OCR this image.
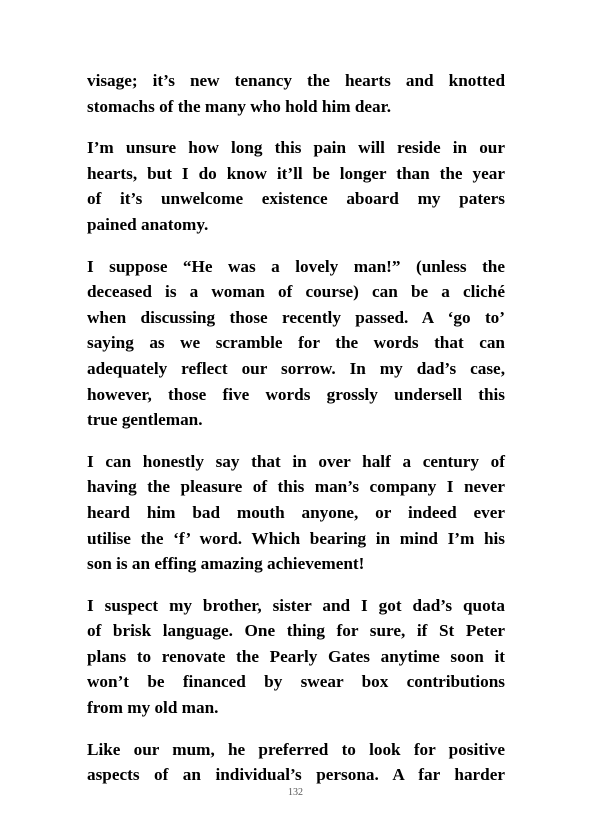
visage; it’s new tenancy the hearts and knotted
stomachs of the many who hold him dear.
I’m unsure how long this pain will reside in our
hearts, but I do know it’ll be longer than the year
of it’s unwelcome existence aboard my paters
pained anatomy.
I suppose “He was a lovely man!” (unless the
deceased is a woman of course) can be a cliché
when discussing those recently passed. A ‘go to’
saying as we scramble for the words that can
adequately reflect our sorrow. In my dad’s case,
however, those five words grossly undersell this
true gentleman.
I can honestly say that in over half a century of
having the pleasure of this man’s company I never
heard him bad mouth anyone, or indeed ever
utilise the ‘f’ word. Which bearing in mind I’m his
son is an effing amazing achievement!
I suspect my brother, sister and I got dad’s quota
of brisk language. One thing for sure, if St Peter
plans to renovate the Pearly Gates anytime soon it
won’t be financed by swear box contributions
from my old man.
Like our mum, he preferred to look for positive
aspects of an individual’s persona. A far harder
132
